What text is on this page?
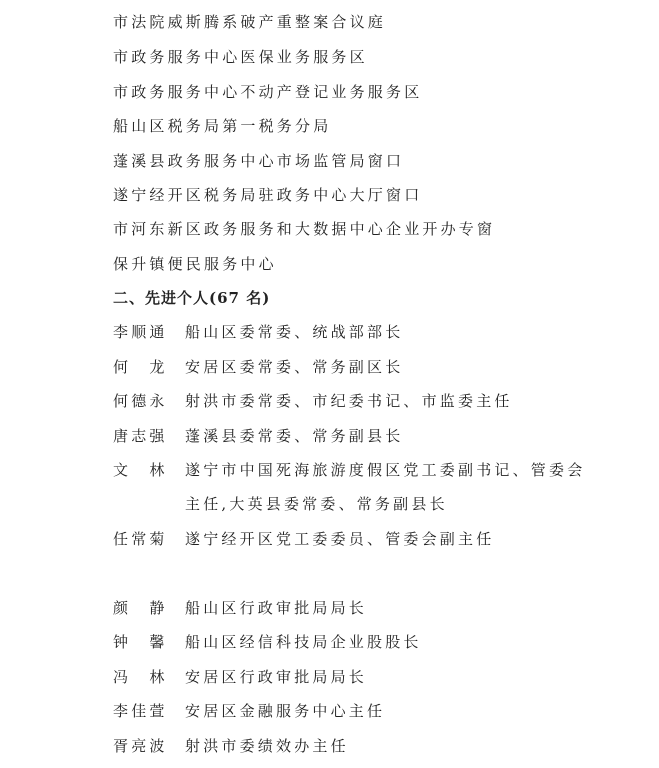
市法院威斯腾系破产重整案合议庭
市政务服务中心医保业务服务区
市政务服务中心不动产登记业务服务区
船山区税务局第一税务分局
蓬溪县政务服务中心市场监管局窗口
遂宁经开区税务局驻政务中心大厅窗口
市河东新区政务服务和大数据中心企业开办专窗
保升镇便民服务中心
二、先进个人(67 名)
李顺通 船山区委常委、统战部部长
何　龙 安居区委常委、常务副区长
何德永 射洪市委常委、市纪委书记、市监委主任
唐志强 蓬溪县委常委、常务副县长
文　林 遂宁市中国死海旅游度假区党工委副书记、管委会
主任,大英县委常委、常务副县长
任常菊 遂宁经开区党工委委员、管委会副主任
颜　静 船山区行政审批局局长
钟　馨 船山区经信科技局企业股股长
冯　林 安居区行政审批局局长
李佳萱 安居区金融服务中心主任
胥亮波 射洪市委绩效办主任
